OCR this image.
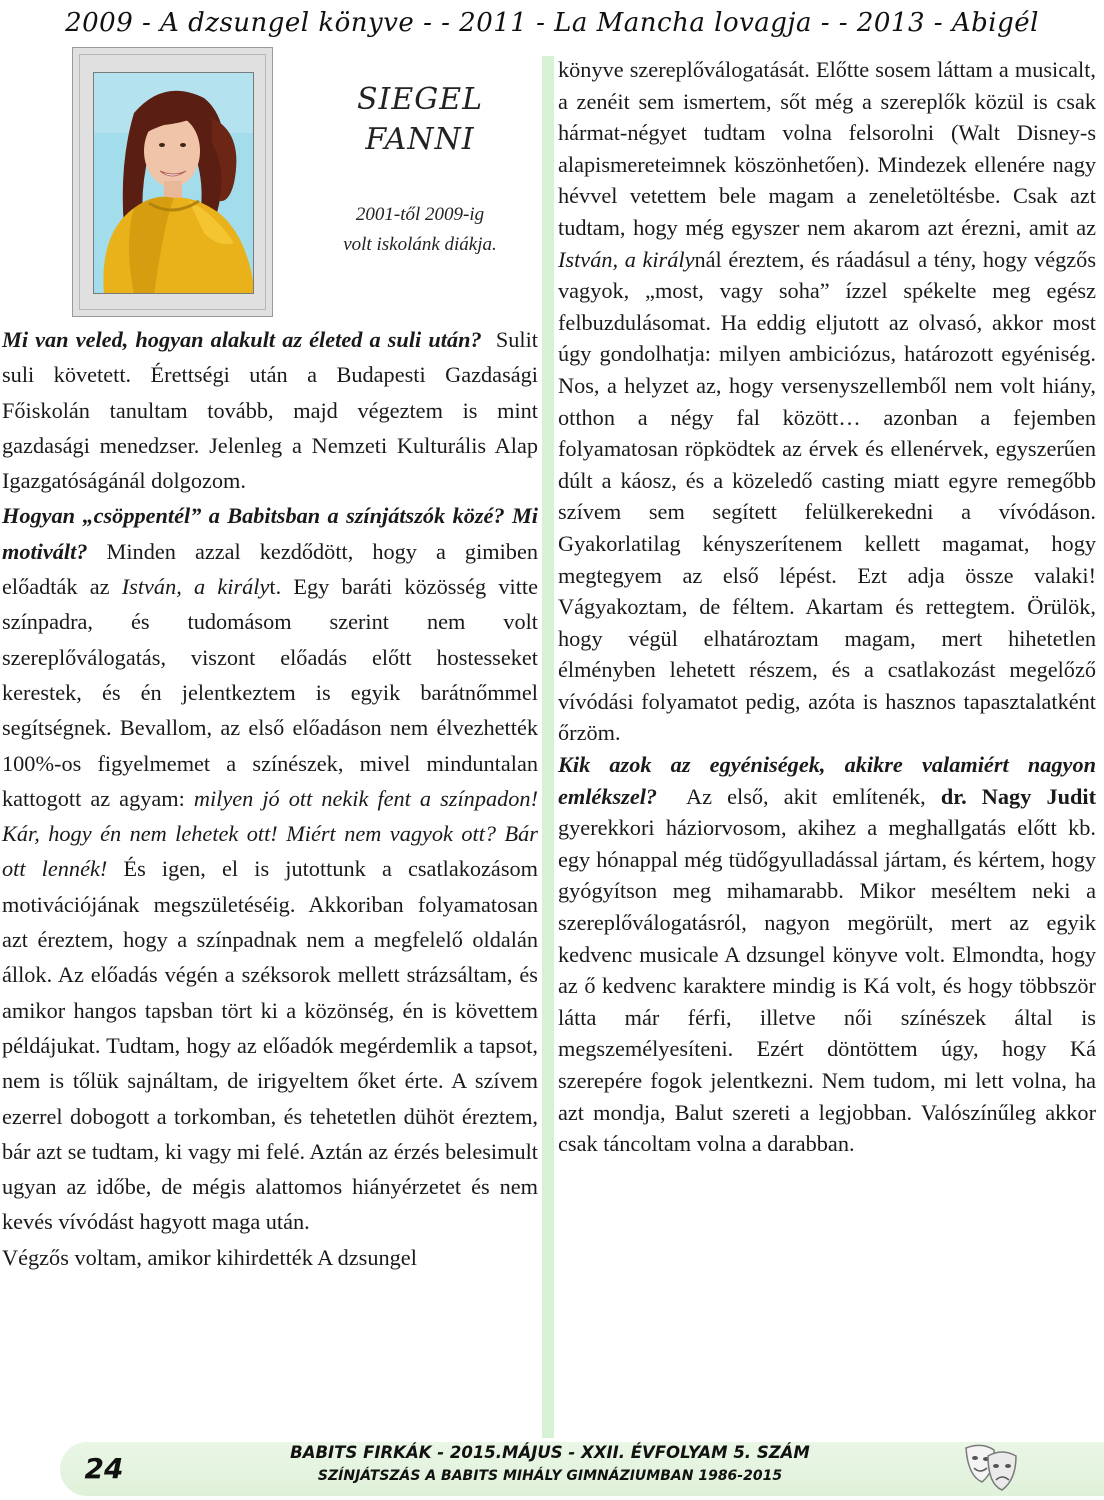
2009 - A dzsungel könyve - - 2011 - La Mancha lovagja - - 2013 - Abigél
SIEGEL
FANNI
2001-től 2009-ig
volt iskolánk diákja.

Mi van veled, hogyan alakult az életed a suli után? Sulit suli követett. Érettségi után a Budapesti Gazdasági Főiskolán tanultam tovább, majd végeztem is mint gazdasági menedzser. Jelenleg a Nemzeti Kulturális Alap Igazgatóságánál dolgozom.

Hogyan „csöppentél” a Babitsban a színjátszók közé? Mi motivált? Minden azzal kezdődött, hogy a gimiben előadták az István, a királyt. Egy baráti közösség vitte színpadra, és tudomásom szerint nem volt szereplőválogatás, viszont előadás előtt hostesseket kerestek, és én jelentkeztem is egyik barátnőmmel segítségnek. Bevallom, az első előadáson nem élvezhették 100%-os figyelmemet a színészek, mivel minduntalan kattogott az agyam: milyen jó ott nekik fent a színpadon! Kár, hogy én nem lehetek ott! Miért nem vagyok ott? Bár ott lennék! És igen, el is jutottunk a csatlakozásom motivációjának megszületéséig. Akkoriban folyamatosan azt éreztem, hogy a színpadnak nem a megfelelő oldalán állok. Az előadás végén a széksorok mellett strázsáltam, és amikor hangos tapsban tört ki a közönség, én is követtem példájukat. Tudtam, hogy az előadók megérdemlik a tapsot, nem is tőlük sajnáltam, de irigyeltem őket érte. A szívem ezerrel dobogott a torkomban, és tehetetlen dühöt éreztem, bár azt se tudtam, ki vagy mi felé. Aztán az érzés belesimult ugyan az időbe, de mégis alattomos hiányérzetet és nem kevés vívódást hagyott maga után.

Végzős voltam, amikor kihirdették A dzsungel

könyve szereplőválogatását. Előtte sosem láttam a musicalt, a zenéit sem ismertem, sőt még a szereplők közül is csak hármat-négyet tudtam volna felsorolni (Walt Disney-s alapismereteimnek köszönhetően). Mindezek ellenére nagy hévvel vetettem bele magam a zeneletöltésbe. Csak azt tudtam, hogy még egyszer nem akarom azt érezni, amit az István, a királynál éreztem, és ráadásul a tény, hogy végzős vagyok, „most, vagy soha” ízzel spékelte meg egész felbuzdulásomat. Ha eddig eljutott az olvasó, akkor most úgy gondolhatja: milyen ambiciózus, határozott egyéniség. Nos, a helyzet az, hogy versenyszellemből nem volt hiány, otthon a négy fal között… azonban a fejemben folyamatosan röpködtek az érvek és ellenérvek, egyszerűen dúlt a káosz, és a közeledő casting miatt egyre remegőbb szívem sem segített felülkerekedni a vívódáson. Gyakorlatilag kényszerítenem kellett magamat, hogy megtegyem az első lépést. Ezt adja össze valaki! Vágyakoztam, de féltem. Akartam és rettegtem. Örülök, hogy végül elhatároztam magam, mert hihetetlen élményben lehetett részem, és a csatlakozást megelőző vívódási folyamatot pedig, azóta is hasznos tapasztalatként őrzöm.

Kik azok az egyéniségek, akikre valamiért nagyon emlékszel? Az első, akit említenék, dr. Nagy Judit gyerekkori háziorvosom, akihez a meghallgatás előtt kb. egy hónappal még tüdőgyulladással jártam, és kértem, hogy gyógyítson meg mihamarabb. Mikor meséltem neki a szereplőválogatásról, nagyon megörült, mert az egyik kedvenc musicale A dzsungel könyve volt. Elmondta, hogy az ő kedvenc karaktere mindig is Ká volt, és hogy többször látta már férfi, illetve női színészek által is megszemélyesíteni. Ezért döntöttem úgy, hogy Ká szerepére fogok jelentkezni. Nem tudom, mi lett volna, ha azt mondja, Balut szereti a legjobban. Valószínűleg akkor csak táncoltam volna a darabban.

24	BABITS FIRKÁK - 2015.MÁJUS - XXII. ÉVFOLYAM 5. SZÁM
SZÍNJÁTSZÁS A BABITS MIHÁLY GIMNÁZIUMBAN 1986-2015
